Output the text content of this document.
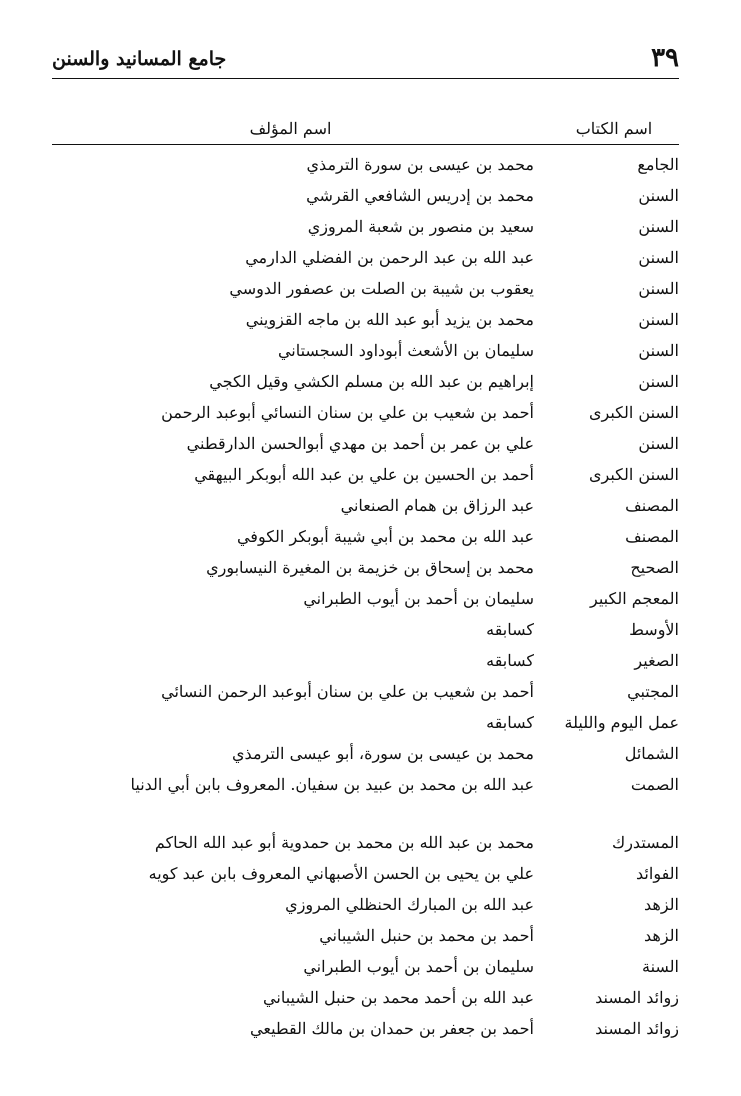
٣٩
جامع المسانيد والسنن
اسم الكتاب
اسم المؤلف
الجامع
محمد بن عيسى بن سورة الترمذي
السنن
محمد بن إدريس الشافعي القرشي
السنن
سعيد بن منصور بن شعبة المروزي
السنن
عبد الله بن عبد الرحمن بن الفضلي الدارمي
السنن
يعقوب بن شيبة بن الصلت بن عصفور الدوسي
السنن
محمد بن يزيد أبو عبد الله بن ماجه القزويني
السنن
سليمان بن الأشعث أبوداود السجستاني
السنن
إبراهيم بن عبد الله بن مسلم الكشي وقيل الكجي
السنن الكبرى
أحمد بن شعيب بن علي بن سنان النسائي أبوعبد الرحمن
السنن
علي بن عمر بن أحمد بن مهدي أبوالحسن الدارقطني
السنن الكبرى
أحمد بن الحسين بن علي بن عبد الله أبوبكر البيهقي
المصنف
عبد الرزاق بن همام الصنعاني
المصنف
عبد الله بن محمد بن أبي شيبة أبوبكر الكوفي
الصحيح
محمد بن إسحاق بن خزيمة بن المغيرة النيسابوري
المعجم الكبير
سليمان بن أحمد بن أيوب الطبراني
الأوسط
كسابقه
الصغير
كسابقه
المجتبي
أحمد بن شعيب بن علي بن سنان أبوعبد الرحمن النسائي
عمل اليوم والليلة
كسابقه
الشمائل
محمد بن عيسى بن سورة، أبو عيسى الترمذي
الصمت
عبد الله بن محمد بن عبيد بن سفيان. المعروف بابن أبي الدنيا
المستدرك
محمد بن عبد الله بن محمد بن حمدوية أبو عبد الله الحاكم
الفوائد
علي بن يحيى بن الحسن الأصبهاني المعروف بابن عبد كويه
الزهد
عبد الله بن المبارك الحنظلي المروزي
الزهد
أحمد بن محمد بن حنبل الشيباني
السنة
سليمان بن أحمد بن أيوب الطبراني
زوائد المسند
عبد الله بن أحمد محمد بن حنبل الشيباني
زوائد المسند
أحمد بن جعفر بن حمدان بن مالك القطيعي
